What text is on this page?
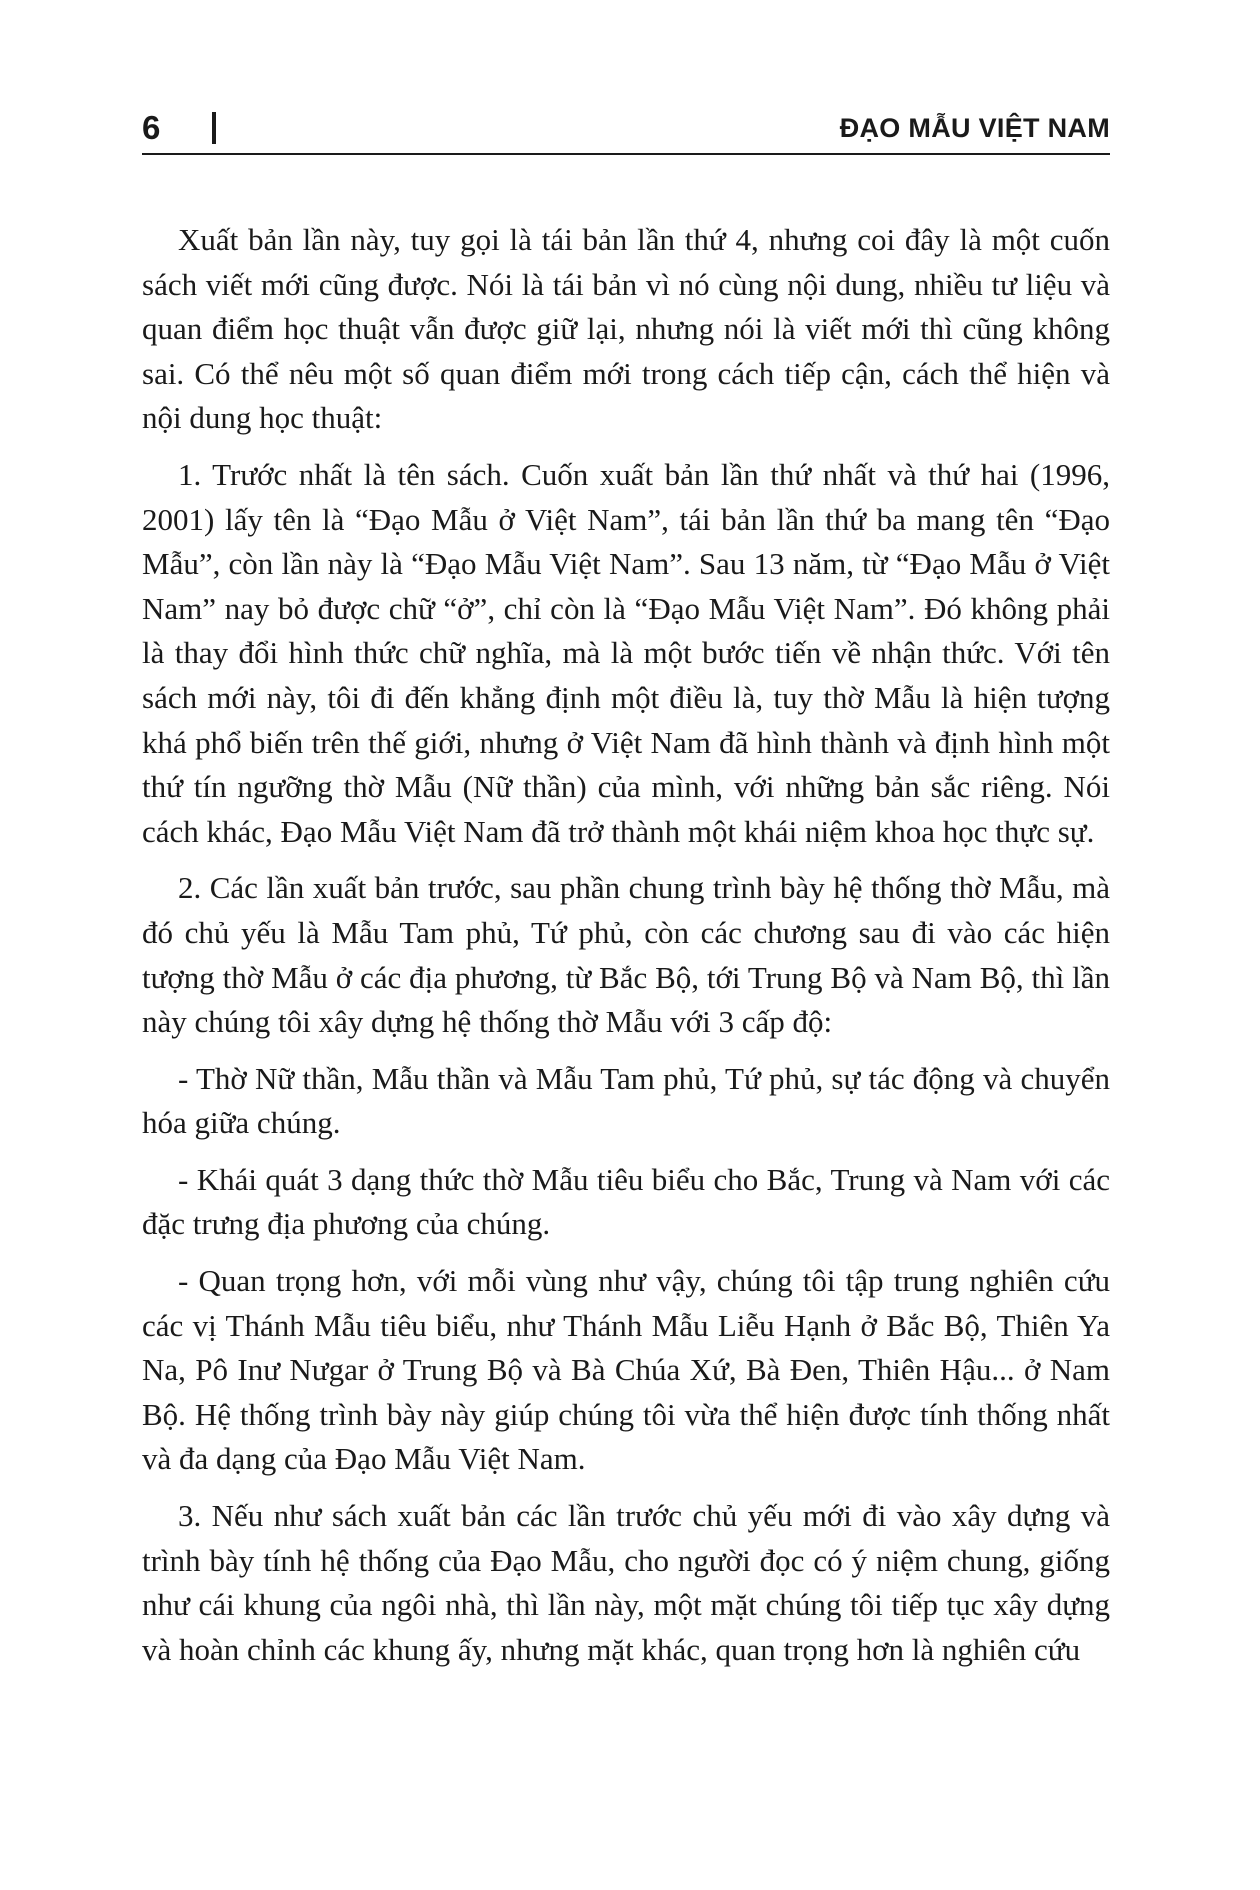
6	ĐẠO MẪU VIỆT NAM

Xuất bản lần này, tuy gọi là tái bản lần thứ 4, nhưng coi đây là một cuốn sách viết mới cũng được. Nói là tái bản vì nó cùng nội dung, nhiều tư liệu và quan điểm học thuật vẫn được giữ lại, nhưng nói là viết mới thì cũng không sai. Có thể nêu một số quan điểm mới trong cách tiếp cận, cách thể hiện và nội dung học thuật:

1. Trước nhất là tên sách. Cuốn xuất bản lần thứ nhất và thứ hai (1996, 2001) lấy tên là “Đạo Mẫu ở Việt Nam”, tái bản lần thứ ba mang tên “Đạo Mẫu”, còn lần này là “Đạo Mẫu Việt Nam”. Sau 13 năm, từ “Đạo Mẫu ở Việt Nam” nay bỏ được chữ “ở”, chỉ còn là “Đạo Mẫu Việt Nam”. Đó không phải là thay đổi hình thức chữ nghĩa, mà là một bước tiến về nhận thức. Với tên sách mới này, tôi đi đến khẳng định một điều là, tuy thờ Mẫu là hiện tượng khá phổ biến trên thế giới, nhưng ở Việt Nam đã hình thành và định hình một thứ tín ngưỡng thờ Mẫu (Nữ thần) của mình, với những bản sắc riêng. Nói cách khác, Đạo Mẫu Việt Nam đã trở thành một khái niệm khoa học thực sự.

2. Các lần xuất bản trước, sau phần chung trình bày hệ thống thờ Mẫu, mà đó chủ yếu là Mẫu Tam phủ, Tứ phủ, còn các chương sau đi vào các hiện tượng thờ Mẫu ở các địa phương, từ Bắc Bộ, tới Trung Bộ và Nam Bộ, thì lần này chúng tôi xây dựng hệ thống thờ Mẫu với 3 cấp độ:

- Thờ Nữ thần, Mẫu thần và Mẫu Tam phủ, Tứ phủ, sự tác động và chuyển hóa giữa chúng.

- Khái quát 3 dạng thức thờ Mẫu tiêu biểu cho Bắc, Trung và Nam với các đặc trưng địa phương của chúng.

- Quan trọng hơn, với mỗi vùng như vậy, chúng tôi tập trung nghiên cứu các vị Thánh Mẫu tiêu biểu, như Thánh Mẫu Liễu Hạnh ở Bắc Bộ, Thiên Ya Na, Pô Inư Nưgar ở Trung Bộ và Bà Chúa Xứ, Bà Đen, Thiên Hậu... ở Nam Bộ. Hệ thống trình bày này giúp chúng tôi vừa thể hiện được tính thống nhất và đa dạng của Đạo Mẫu Việt Nam.

3. Nếu như sách xuất bản các lần trước chủ yếu mới đi vào xây dựng và trình bày tính hệ thống của Đạo Mẫu, cho người đọc có ý niệm chung, giống như cái khung của ngôi nhà, thì lần này, một mặt chúng tôi tiếp tục xây dựng và hoàn chỉnh các khung ấy, nhưng mặt khác, quan trọng hơn là nghiên cứu
